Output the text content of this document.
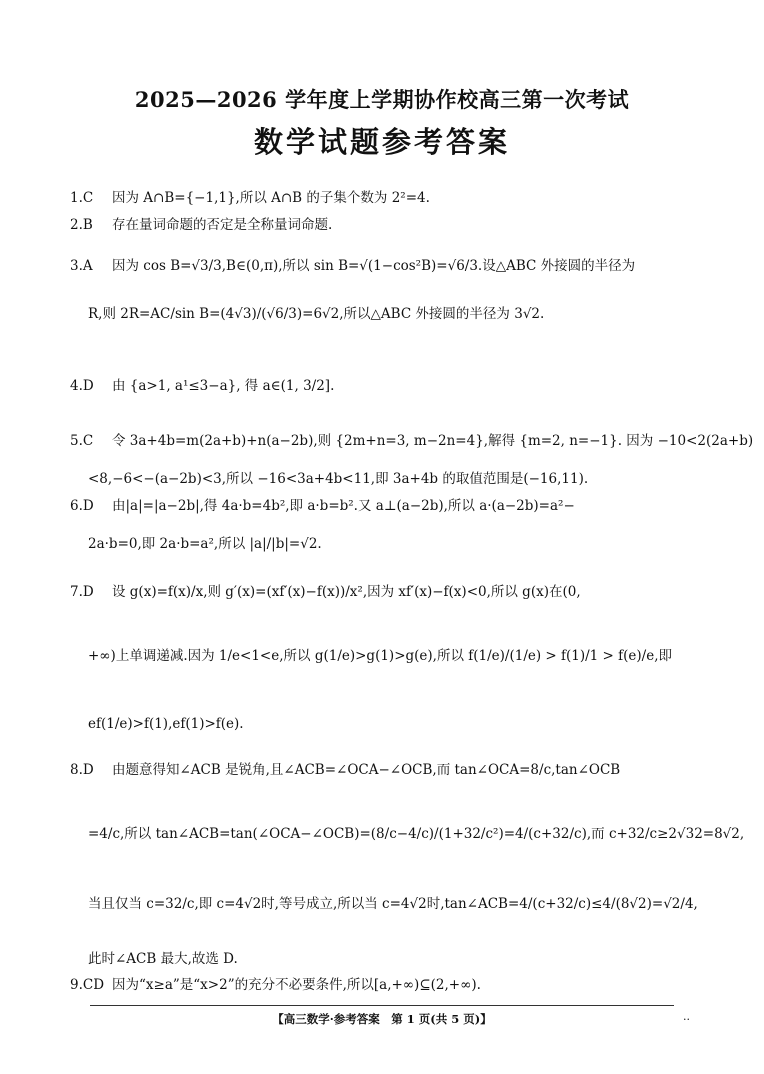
2025—2026 学年度上学期协作校高三第一次考试
数学试题参考答案
1.C 因为 A∩B={−1,1},所以 A∩B 的子集个数为 2²=4.
2.B 存在量词命题的否定是全称量词命题.
3.A 因为 cos B=√3/3,B∈(0,π),所以 sin B=√(1−cos²B)=√6/3.设△ABC 外接圆的半径为
R,则 2R=AC/sin B=(4√3)/(√6/3)=6√2,所以△ABC 外接圆的半径为 3√2.
4.D 由 {a>1, a¹≤3−a}, 得 a∈(1, 3/2].
5.C 令 3a+4b=m(2a+b)+n(a−2b),则 {2m+n=3, m−2n=4},解得 {m=2, n=−1}. 因为 −10<2(2a+b)
<8,−6<−(a−2b)<3,所以 −16<3a+4b<11,即 3a+4b 的取值范围是(−16,11).
6.D 由|a|=|a−2b|,得 4a·b=4b²,即 a·b=b².又 a⊥(a−2b),所以 a·(a−2b)=a²−
2a·b=0,即 2a·b=a²,所以 |a|/|b|=√2.
7.D 设 g(x)=f(x)/x,则 g′(x)=(xf′(x)−f(x))/x²,因为 xf′(x)−f(x)<0,所以 g(x)在(0,
+∞)上单调递减.因为 1/e<1<e,所以 g(1/e)>g(1)>g(e),所以 f(1/e)/(1/e) > f(1)/1 > f(e)/e,即
ef(1/e)>f(1),ef(1)>f(e).
8.D 由题意得知∠ACB 是锐角,且∠ACB=∠OCA−∠OCB,而 tan∠OCA=8/c,tan∠OCB
=4/c,所以 tan∠ACB=tan(∠OCA−∠OCB)=(8/c−4/c)/(1+32/c²)=4/(c+32/c),而 c+32/c≥2√32=8√2,
当且仅当 c=32/c,即 c=4√2时,等号成立,所以当 c=4√2时,tan∠ACB=4/(c+32/c)≤4/(8√2)=√2/4,
此时∠ACB 最大,故选 D.
9.CD 因为“x≥a”是“x>2”的充分不必要条件,所以[a,+∞)⊆(2,+∞).
【高三数学·参考答案　第 1 页(共 5 页)】	..
